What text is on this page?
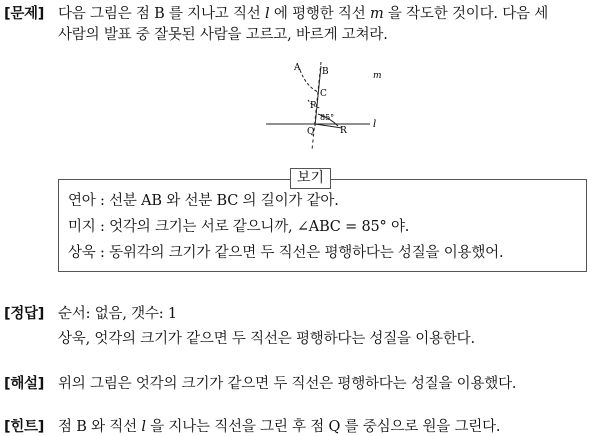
[문제] 다음 그림은 점 B 를 지나고 직선 l 에 평행한 직선 m 을 작도한 것이다. 다음 세
사람의 발표 중 잘못된 사람을 고르고, 바르게 고쳐라.
A B
C
P
85°
Q	R
m
l
보기
연아 : 선분 AB 와 선분 BC 의 길이가 같아.
미지 : 엇각의 크기는 서로 같으니까, ∠ABC = 85° 야.
상욱 : 동위각의 크기가 같으면 두 직선은 평행하다는 성질을 이용했어.
[정답] 순서: 없음, 갯수: 1
상욱, 엇각의 크기가 같으면 두 직선은 평행하다는 성질을 이용한다.
[해설] 위의 그림은 엇각의 크기가 같으면 두 직선은 평행하다는 성질을 이용했다.
[힌트] 점 B 와 직선 l 을 지나는 직선을 그린 후 점 Q 를 중심으로 원을 그린다.
